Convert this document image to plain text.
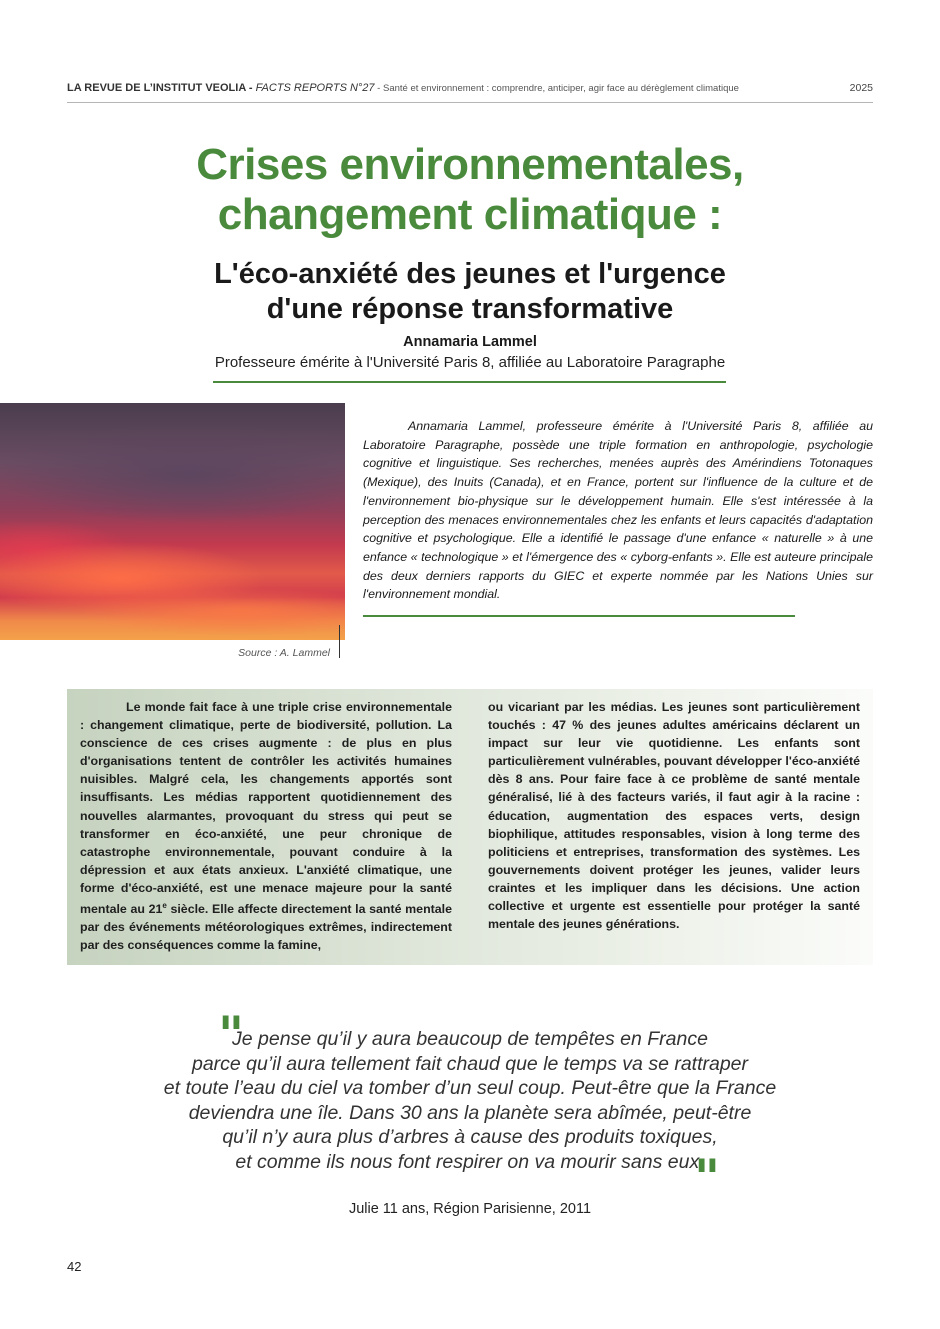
LA REVUE DE L’INSTITUT VEOLIA - FACTS REPORTS N°27 - Santé et environnement : comprendre, anticiper, agir face au dérèglement climatique	2025
Crises environnementales,
changement climatique :
L'éco-anxiété des jeunes et l'urgence
d'une réponse transformative
Annamaria Lammel
Professeure émérite à l'Université Paris 8, affiliée au Laboratoire Paragraphe
Source : A. Lammel

Annamaria Lammel, professeure émérite à l'Université Paris 8, affiliée au Laboratoire Paragraphe, possède une triple formation en anthropologie, psychologie cognitive et linguistique. Ses recherches, menées auprès des Amérindiens Totonaques (Mexique), des Inuits (Canada), et en France, portent sur l'influence de la culture et de l'environnement bio-physique sur le développement humain. Elle s'est intéressée à la perception des menaces environnementales chez les enfants et leurs capacités d'adaptation cognitive et psychologique. Elle a identifié le passage d'une enfance « naturelle » à une enfance « technologique » et l'émergence des « cyborg-enfants ». Elle est auteure principale des deux derniers rapports du GIEC et experte nommée par les Nations Unies sur l'environnement mondial.

Le monde fait face à une triple crise environnementale : changement climatique, perte de biodiversité, pollution. La conscience de ces crises augmente : de plus en plus d'organisations tentent de contrôler les activités humaines nuisibles. Malgré cela, les changements apportés sont insuffisants. Les médias rapportent quotidiennement des nouvelles alarmantes, provoquant du stress qui peut se transformer en éco-anxiété, une peur chronique de catastrophe environnementale, pouvant conduire à la dépression et aux états anxieux. L'anxiété climatique, une forme d'éco-anxiété, est une menace majeure pour la santé mentale au 21e siècle. Elle affecte directement la santé mentale par des événements météorologiques extrêmes, indirectement par des conséquences comme la famine,

ou vicariant par les médias. Les jeunes sont particulièrement touchés : 47 % des jeunes adultes américains déclarent un impact sur leur vie quotidienne. Les enfants sont particulièrement vulnérables, pouvant développer l'éco-anxiété dès 8 ans. Pour faire face à ce problème de santé mentale généralisé, lié à des facteurs variés, il faut agir à la racine : éducation, augmentation des espaces verts, design biophilique, attitudes responsables, vision à long terme des politiciens et entreprises, transformation des systèmes. Les gouvernements doivent protéger les jeunes, valider leurs craintes et les impliquer dans les décisions. Une action collective et urgente est essentielle pour protéger la santé mentale des jeunes générations.

"
Je pense qu’il y aura beaucoup de tempêtes en France
parce qu’il aura tellement fait chaud que le temps va se rattraper
et toute l’eau du ciel va tomber d’un seul coup. Peut-être que la France
deviendra une île. Dans 30 ans la planète sera abîmée, peut-être
qu’il n’y aura plus d’arbres à cause des produits toxiques,
et comme ils nous font respirer on va mourir sans eux.
"
Julie 11 ans, Région Parisienne, 2011
42
